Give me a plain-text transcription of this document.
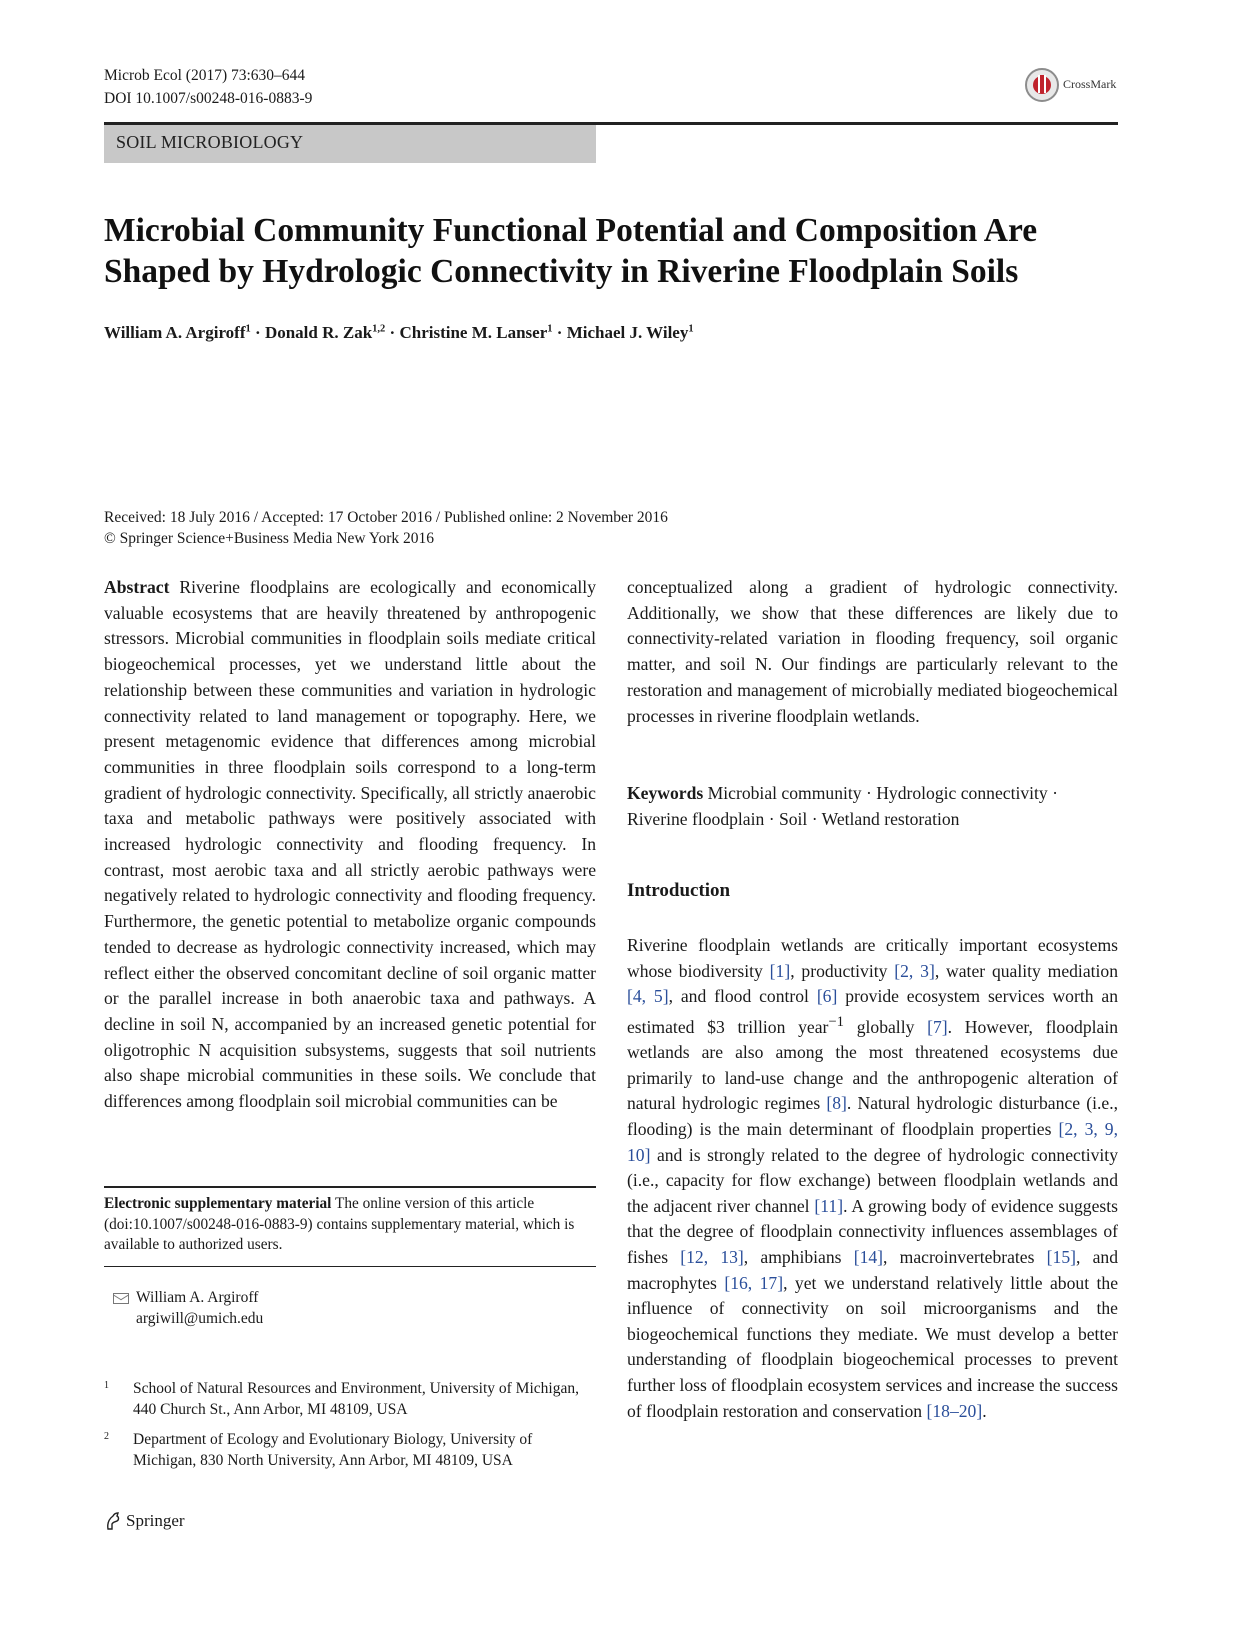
Microb Ecol (2017) 73:630–644
DOI 10.1007/s00248-016-0883-9
CrossMark
SOIL MICROBIOLOGY
Microbial Community Functional Potential and Composition Are Shaped by Hydrologic Connectivity in Riverine Floodplain Soils
William A. Argiroff$^1$ · Donald R. Zak$^{1,2}$ · Christine M. Lanser$^1$ · Michael J. Wiley$^1$
Received: 18 July 2016 / Accepted: 17 October 2016 / Published online: 2 November 2016
© Springer Science+Business Media New York 2016
Abstract Riverine floodplains are ecologically and economically valuable ecosystems that are heavily threatened by anthropogenic stressors. Microbial communities in floodplain soils mediate critical biogeochemical processes, yet we understand little about the relationship between these communities and variation in hydrologic connectivity related to land management or topography. Here, we present metagenomic evidence that differences among microbial communities in three floodplain soils correspond to a long-term gradient of hydrologic connectivity. Specifically, all strictly anaerobic taxa and metabolic pathways were positively associated with increased hydrologic connectivity and flooding frequency. In contrast, most aerobic taxa and all strictly aerobic pathways were negatively related to hydrologic connectivity and flooding frequency. Furthermore, the genetic potential to metabolize organic compounds tended to decrease as hydrologic connectivity increased, which may reflect either the observed concomitant decline of soil organic matter or the parallel increase in both anaerobic taxa and pathways. A decline in soil N, accompanied by an increased genetic potential for oligotrophic N acquisition subsystems, suggests that soil nutrients also shape microbial communities in these soils. We conclude that differences among floodplain soil microbial communities can be
conceptualized along a gradient of hydrologic connectivity. Additionally, we show that these differences are likely due to connectivity-related variation in flooding frequency, soil organic matter, and soil N. Our findings are particularly relevant to the restoration and management of microbially mediated biogeochemical processes in riverine floodplain wetlands.
Keywords Microbial community · Hydrologic connectivity · Riverine floodplain · Soil · Wetland restoration
Introduction
Riverine floodplain wetlands are critically important ecosystems whose biodiversity [1], productivity [2, 3], water quality mediation [4, 5], and flood control [6] provide ecosystem services worth an estimated $3 trillion year$^{-1}$ globally [7]. However, floodplain wetlands are also among the most threatened ecosystems due primarily to land-use change and the anthropogenic alteration of natural hydrologic regimes [8]. Natural hydrologic disturbance (i.e., flooding) is the main determinant of floodplain properties [2, 3, 9, 10] and is strongly related to the degree of hydrologic connectivity (i.e., capacity for flow exchange) between floodplain wetlands and the adjacent river channel [11]. A growing body of evidence suggests that the degree of floodplain connectivity influences assemblages of fishes [12, 13], amphibians [14], macroinvertebrates [15], and macrophytes [16, 17], yet we understand relatively little about the influence of connectivity on soil microorganisms and the biogeochemical functions they mediate. We must develop a better understanding of floodplain biogeochemical processes to prevent further loss of floodplain ecosystem services and increase the success of floodplain restoration and conservation [18–20].
Electronic supplementary material The online version of this article (doi:10.1007/s00248-016-0883-9) contains supplementary material, which is available to authorized users.
William A. Argiroff
argiwill@umich.edu
1 School of Natural Resources and Environment, University of Michigan, 440 Church St., Ann Arbor, MI 48109, USA
2 Department of Ecology and Evolutionary Biology, University of Michigan, 830 North University, Ann Arbor, MI 48109, USA
Springer
